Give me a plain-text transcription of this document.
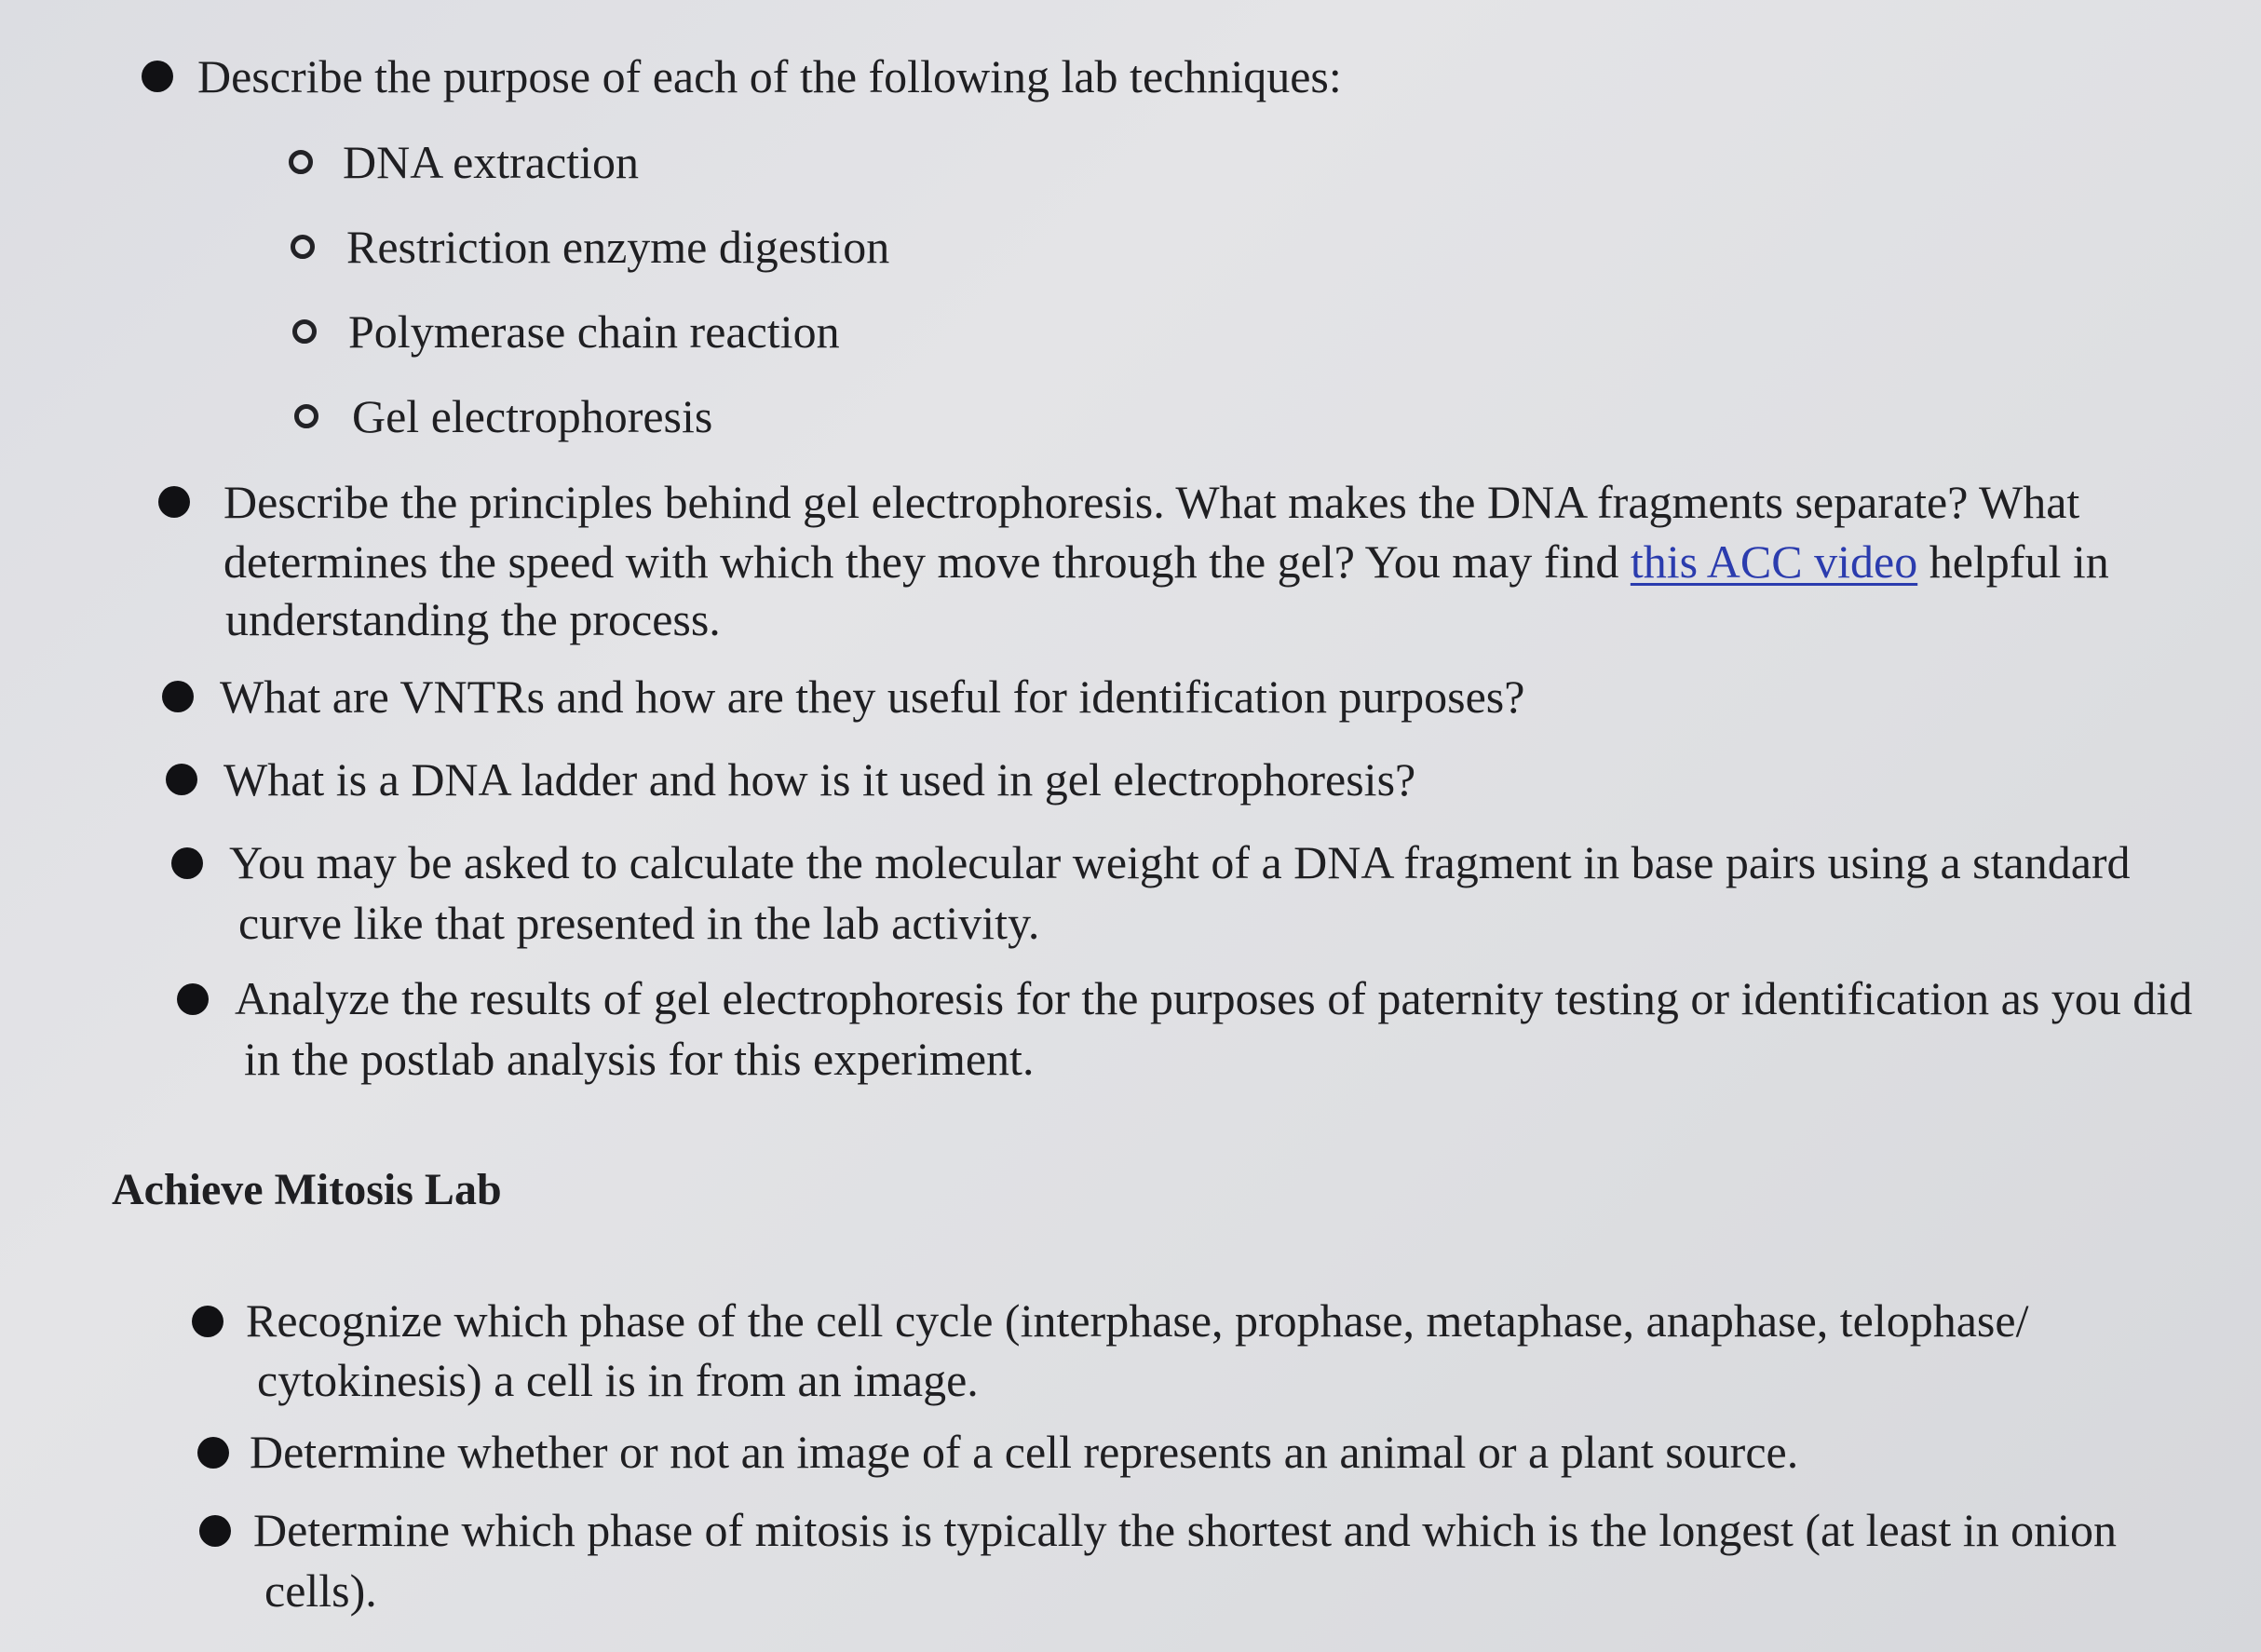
Describe the purpose of each of the following lab techniques:
DNA extraction
Restriction enzyme digestion
Polymerase chain reaction
Gel electrophoresis
Describe the principles behind gel electrophoresis. What makes the DNA fragments separate? What
determines the speed with which they move through the gel? You may find this ACC video helpful in
understanding the process.
What are VNTRs and how are they useful for identification purposes?
What is a DNA ladder and how is it used in gel electrophoresis?
You may be asked to calculate the molecular weight of a DNA fragment in base pairs using a standard
curve like that presented in the lab activity.
Analyze the results of gel electrophoresis for the purposes of paternity testing or identification as you did
in the postlab analysis for this experiment.
Achieve Mitosis Lab
Recognize which phase of the cell cycle (interphase, prophase, metaphase, anaphase, telophase/
cytokinesis) a cell is in from an image.
Determine whether or not an image of a cell represents an animal or a plant source.
Determine which phase of mitosis is typically the shortest and which is the longest (at least in onion
cells).
